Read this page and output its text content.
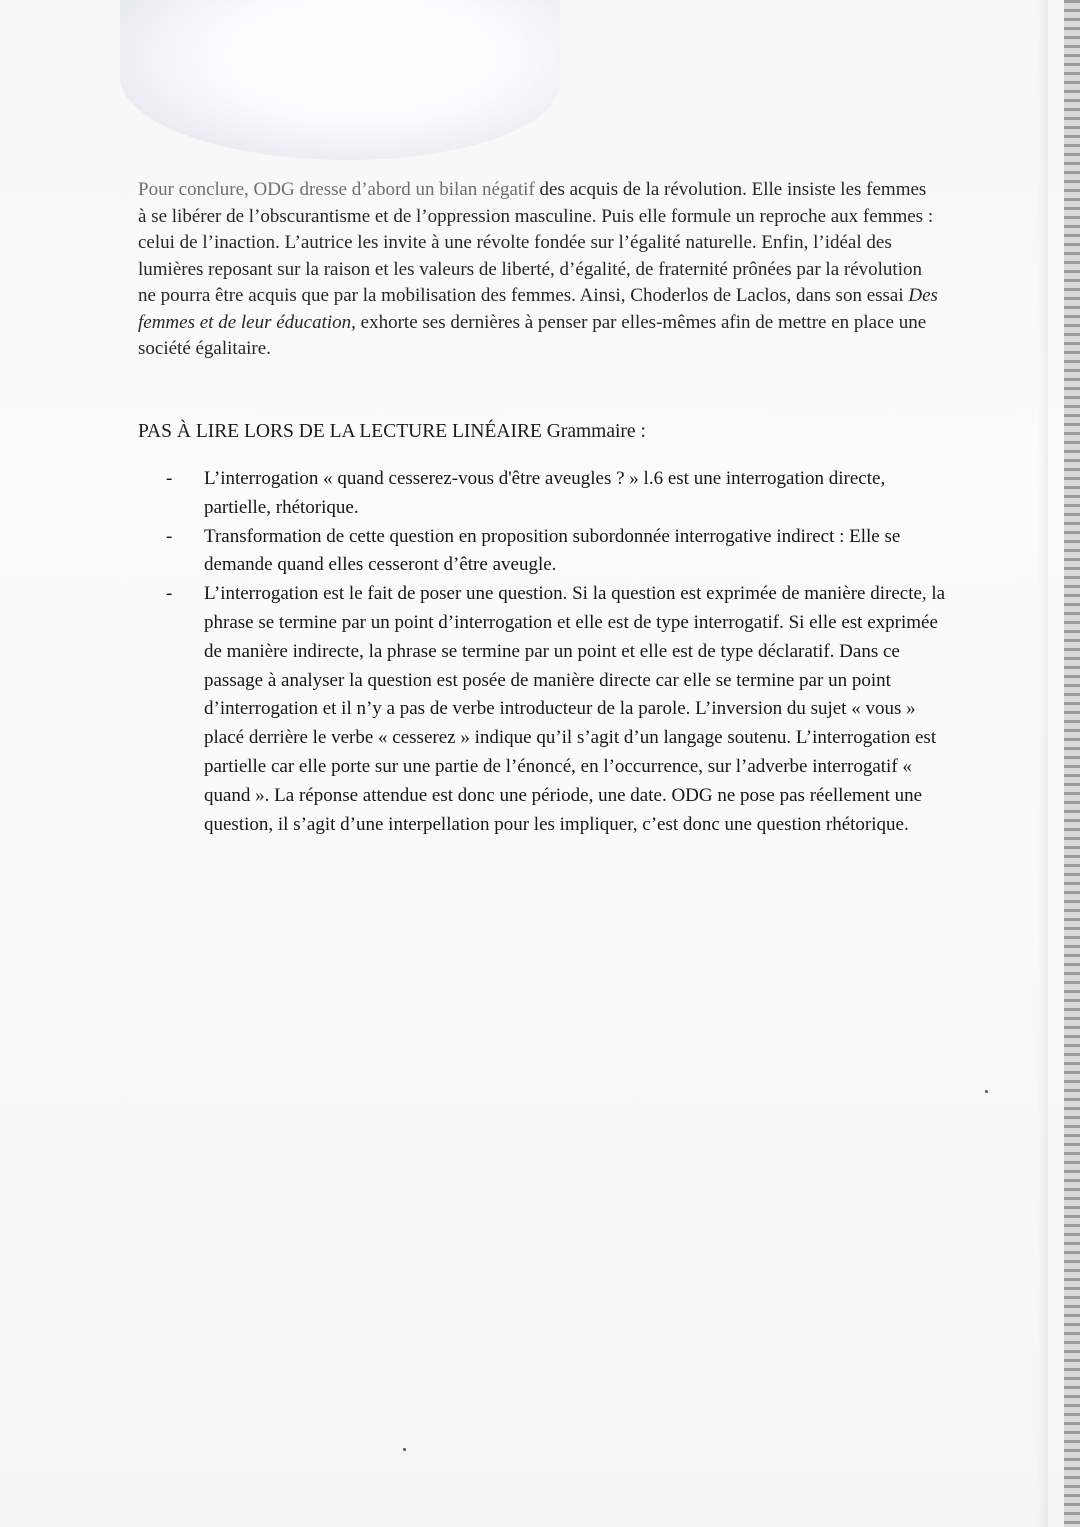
Pour conclure, ODG dresse d’abord un bilan négatif des acquis de la révolution. Elle insiste les femmes à se libérer de l’obscurantisme et de l’oppression masculine. Puis elle formule un reproche aux femmes : celui de l’inaction. L’autrice les invite à une révolte fondée sur l’égalité naturelle. Enfin, l’idéal des lumières reposant sur la raison et les valeurs de liberté, d’égalité, de fraternité prônées par la révolution ne pourra être acquis que par la mobilisation des femmes. Ainsi, Choderlos de Laclos, dans son essai Des femmes et de leur éducation, exhorte ses dernières à penser par elles-mêmes afin de mettre en place une société égalitaire.

PAS À LIRE LORS DE LA LECTURE LINÉAIRE Grammaire :
- L’interrogation « quand cesserez-vous d'être aveugles ? » l.6 est une interrogation directe, partielle, rhétorique.
- Transformation de cette question en proposition subordonnée interrogative indirect : Elle se demande quand elles cesseront d’être aveugle.
- L’interrogation est le fait de poser une question. Si la question est exprimée de manière directe, la phrase se termine par un point d’interrogation et elle est de type interrogatif. Si elle est exprimée de manière indirecte, la phrase se termine par un point et elle est de type déclaratif. Dans ce passage à analyser la question est posée de manière directe car elle se termine par un point d’interrogation et il n’y a pas de verbe introducteur de la parole. L’inversion du sujet « vous » placé derrière le verbe « cesserez » indique qu’il s’agit d’un langage soutenu. L’interrogation est partielle car elle porte sur une partie de l’énoncé, en l’occurrence, sur l’adverbe interrogatif « quand ». La réponse attendue est donc une période, une date. ODG ne pose pas réellement une question, il s’agit d’une interpellation pour les impliquer, c’est donc une question rhétorique.
